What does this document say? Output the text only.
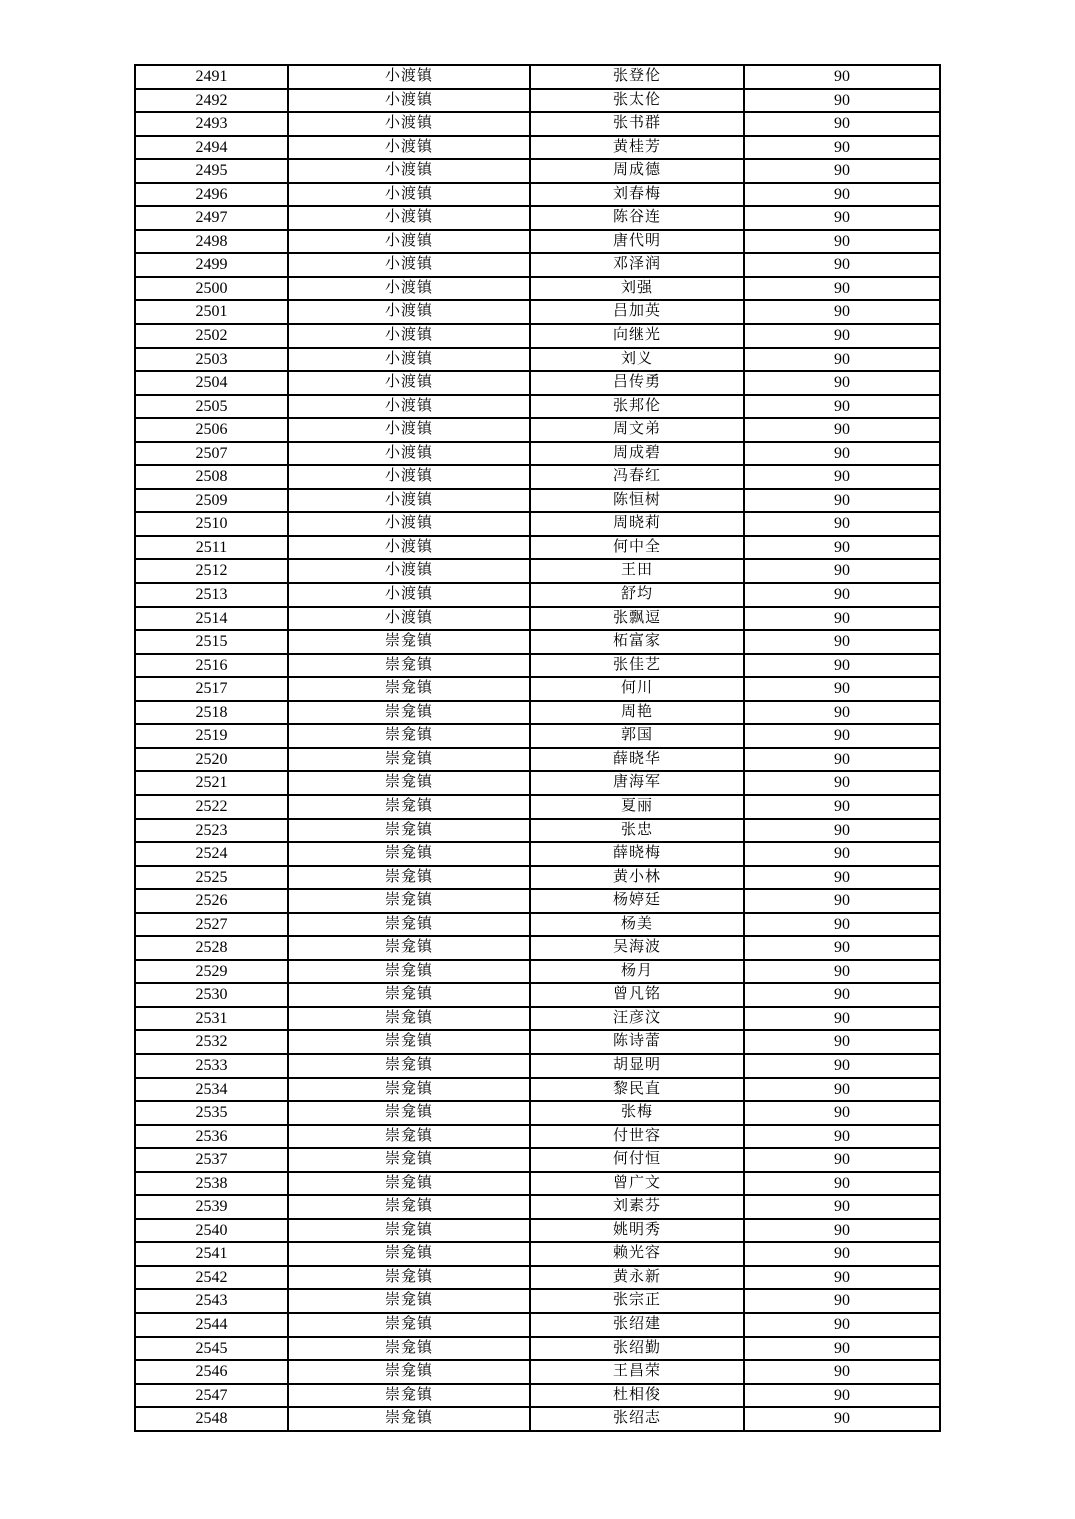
2491	小渡镇	张登伦	90
2492	小渡镇	张太伦	90
2493	小渡镇	张书群	90
2494	小渡镇	黄桂芳	90
2495	小渡镇	周成德	90
2496	小渡镇	刘春梅	90
2497	小渡镇	陈谷连	90
2498	小渡镇	唐代明	90
2499	小渡镇	邓泽润	90
2500	小渡镇	刘强	90
2501	小渡镇	吕加英	90
2502	小渡镇	向继光	90
2503	小渡镇	刘义	90
2504	小渡镇	吕传勇	90
2505	小渡镇	张邦伦	90
2506	小渡镇	周文弟	90
2507	小渡镇	周成碧	90
2508	小渡镇	冯春红	90
2509	小渡镇	陈恒树	90
2510	小渡镇	周晓莉	90
2511	小渡镇	何中全	90
2512	小渡镇	王田	90
2513	小渡镇	舒均	90
2514	小渡镇	张飘逗	90
2515	崇龛镇	柘富家	90
2516	崇龛镇	张佳艺	90
2517	崇龛镇	何川	90
2518	崇龛镇	周艳	90
2519	崇龛镇	郭国	90
2520	崇龛镇	薛晓华	90
2521	崇龛镇	唐海军	90
2522	崇龛镇	夏丽	90
2523	崇龛镇	张忠	90
2524	崇龛镇	薛晓梅	90
2525	崇龛镇	黄小林	90
2526	崇龛镇	杨婷廷	90
2527	崇龛镇	杨美	90
2528	崇龛镇	吴海波	90
2529	崇龛镇	杨月	90
2530	崇龛镇	曾凡铭	90
2531	崇龛镇	汪彦汶	90
2532	崇龛镇	陈诗蕾	90
2533	崇龛镇	胡显明	90
2534	崇龛镇	黎民直	90
2535	崇龛镇	张梅	90
2536	崇龛镇	付世容	90
2537	崇龛镇	何付恒	90
2538	崇龛镇	曾广文	90
2539	崇龛镇	刘素芬	90
2540	崇龛镇	姚明秀	90
2541	崇龛镇	赖光容	90
2542	崇龛镇	黄永新	90
2543	崇龛镇	张宗正	90
2544	崇龛镇	张绍建	90
2545	崇龛镇	张绍勤	90
2546	崇龛镇	王昌荣	90
2547	崇龛镇	杜相俊	90
2548	崇龛镇	张绍志	90
